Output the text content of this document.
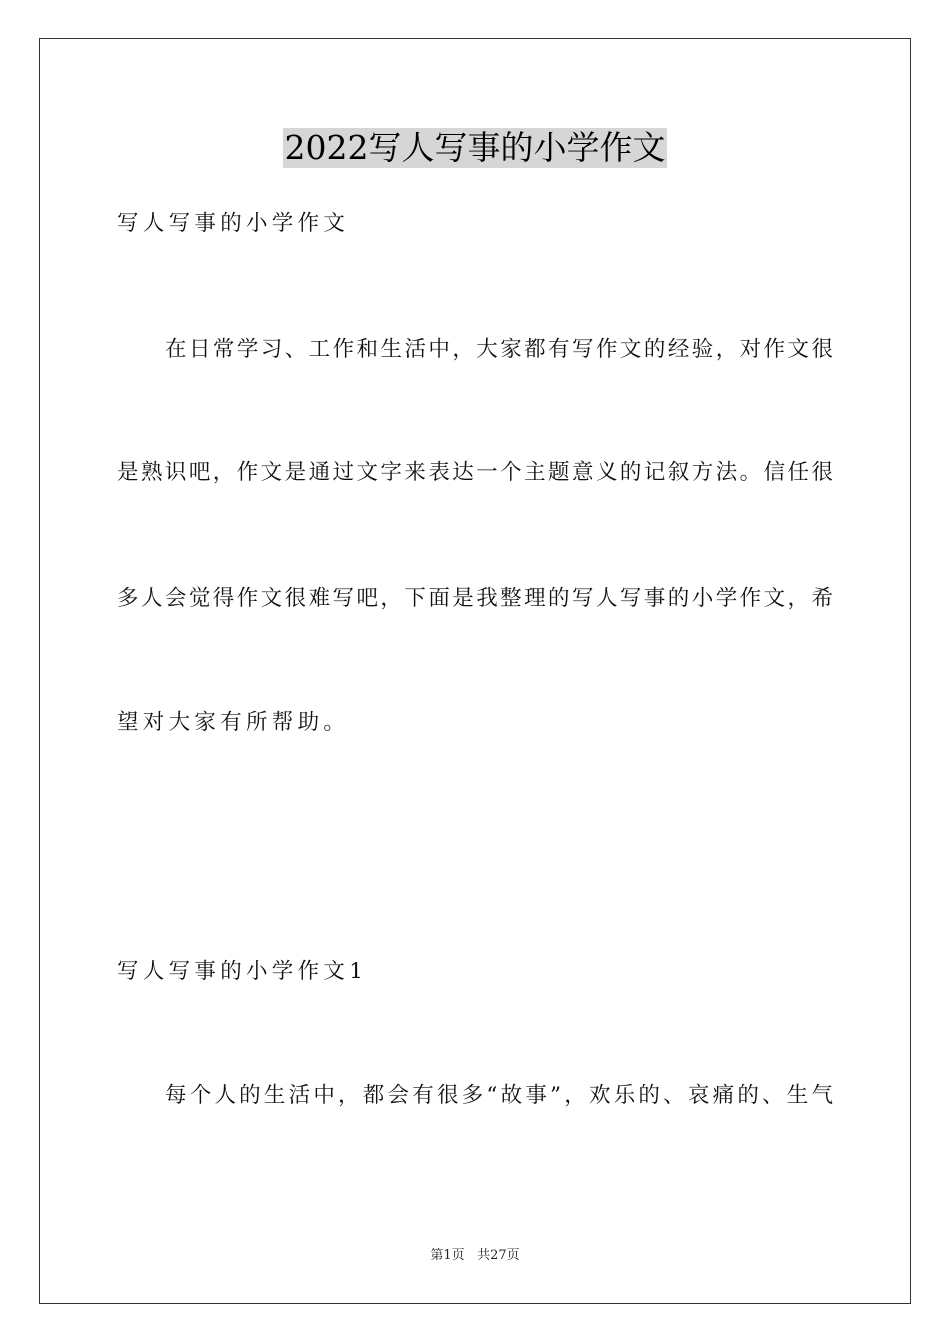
2022写人写事的小学作文
写人写事的小学作文
在日常学习、工作和生活中，大家都有写作文的经验，对作文很
是熟识吧，作文是通过文字来表达一个主题意义的记叙方法。信任很
多人会觉得作文很难写吧，下面是我整理的写人写事的小学作文，希
望对大家有所帮助。
写人写事的小学作文1
每个人的生活中，都会有很多“故事”，欢乐的、哀痛的、生气
第1页 共27页
